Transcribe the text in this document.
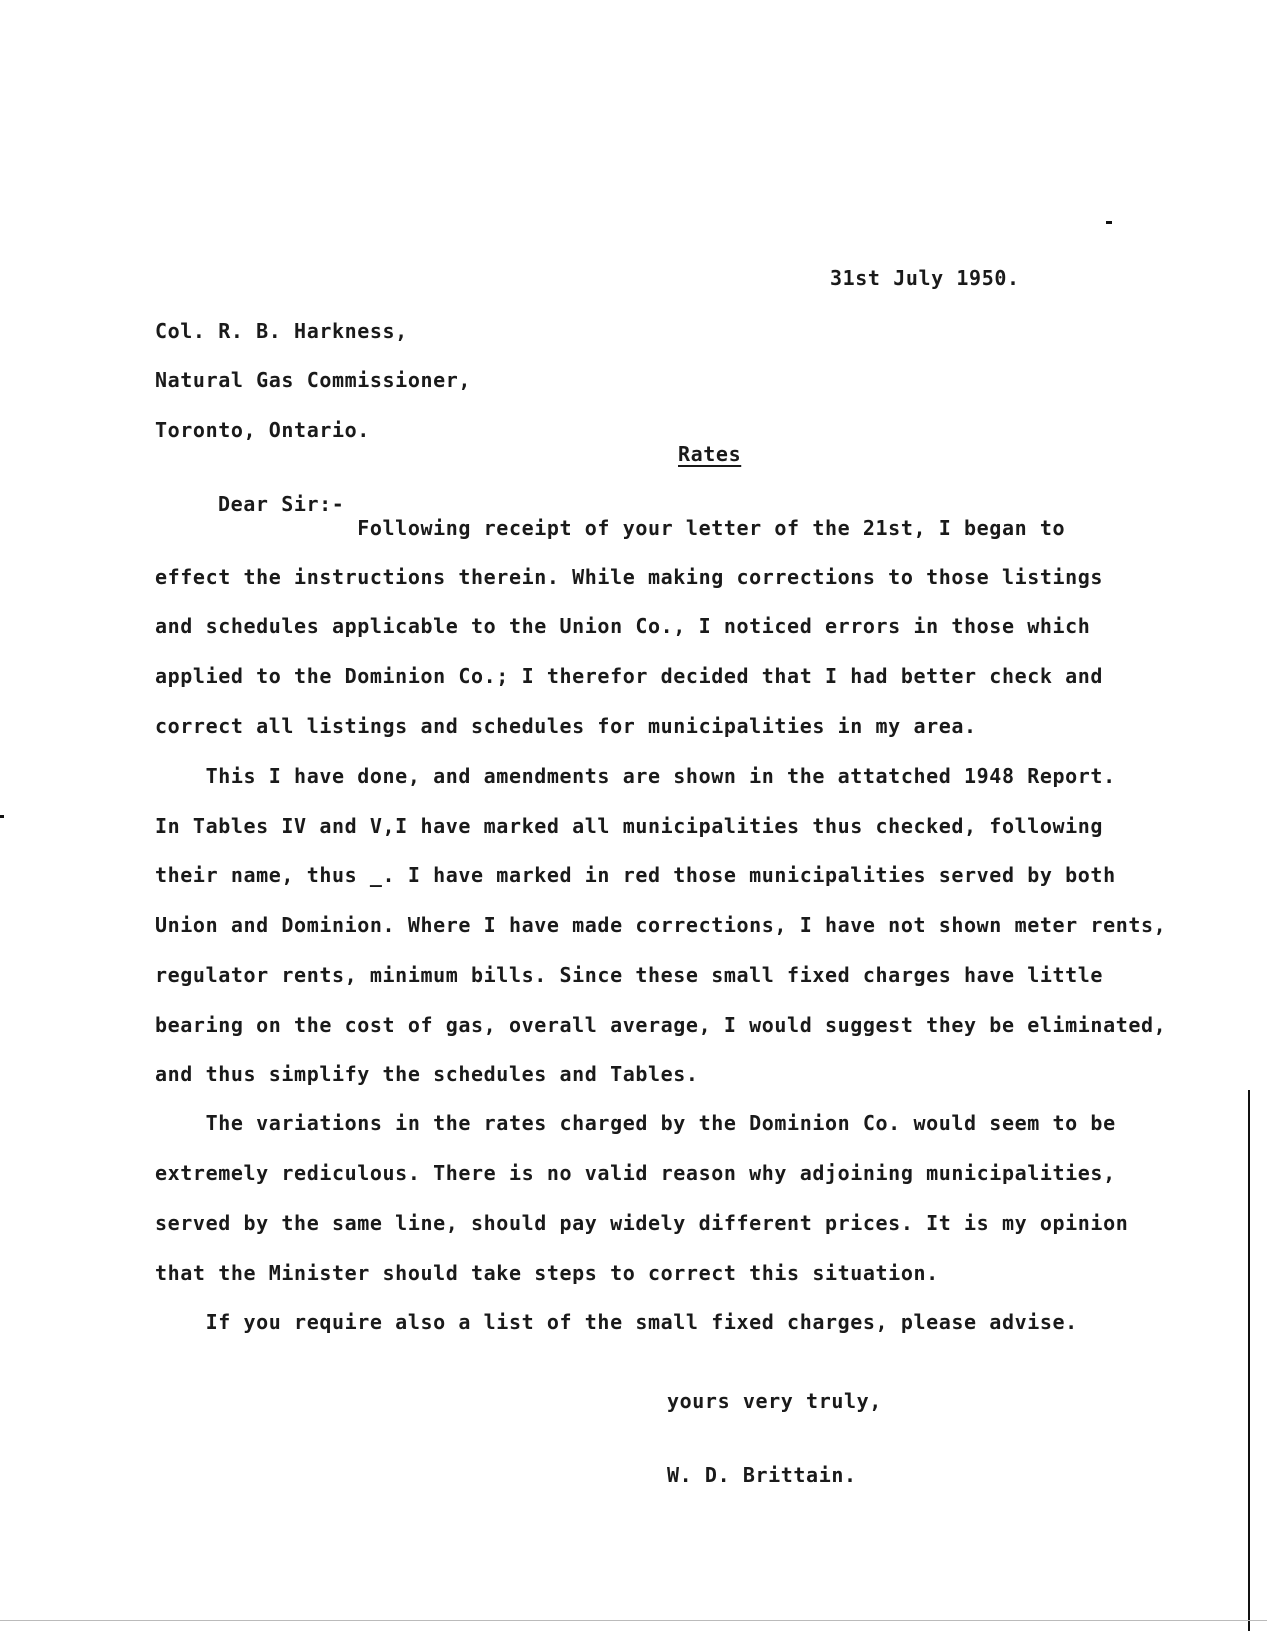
31st July 1950.
Col. R. B. Harkness,
Natural Gas Commissioner,
Toronto, Ontario.
Rates
Dear Sir:-
Following receipt of your letter of the 21st, I began to
effect the instructions therein. While making corrections to those listings
and schedules applicable to the Union Co., I noticed errors in those which
applied to the Dominion Co.; I therefor decided that I had better check and
correct all listings and schedules for municipalities in my area.
This I have done, and amendments are shown in the attatched 1948 Report.
In Tables IV and V,I have marked all municipalities thus checked, following
their name, thus _. I have marked in red those municipalities served by both
Union and Dominion. Where I have made corrections, I have not shown meter rents,
regulator rents, minimum bills. Since these small fixed charges have little
bearing on the cost of gas, overall average, I would suggest they be eliminated,
and thus simplify the schedules and Tables.
The variations in the rates charged by the Dominion Co. would seem to be
extremely rediculous. There is no valid reason why adjoining municipalities,
served by the same line, should pay widely different prices. It is my opinion
that the Minister should take steps to correct this situation.
If you require also a list of the small fixed charges, please advise.
yours very truly,
W. D. Brittain.
